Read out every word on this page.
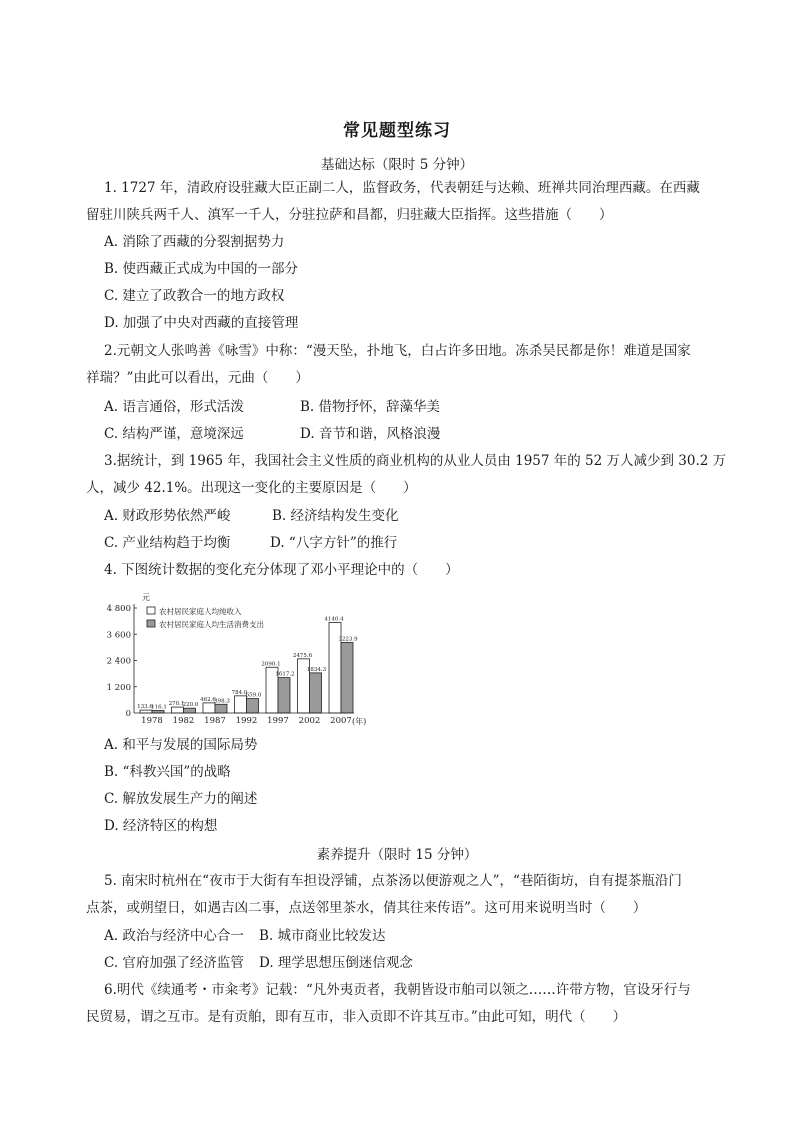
常见题型练习
基础达标（限时 5 分钟）
1. 1727 年，清政府设驻藏大臣正副二人，监督政务，代表朝廷与达赖、班禅共同治理西藏。在西藏
留驻川陕兵两千人、滇军一千人，分驻拉萨和昌都，归驻藏大臣指挥。这些措施（　　）
A. 消除了西藏的分裂割据势力
B. 使西藏正式成为中国的一部分
C. 建立了政教合一的地方政权
D. 加强了中央对西藏的直接管理
2.元朝文人张鸣善《咏雪》中称：“漫天坠，扑地飞，白占许多田地。冻杀吴民都是你！难道是国家
祥瑞？”由此可以看出，元曲（　　）
A. 语言通俗，形式活泼	B. 借物抒怀，辞藻华美
C. 结构严谨，意境深远	D. 音节和谐，风格浪漫
3.据统计，到 1965 年，我国社会主义性质的商业机构的从业人员由 1957 年的 52 万人减少到 30.2 万
人，减少 42.1%。出现这一变化的主要原因是（　　）
A. 财政形势依然严峻	B. 经济结构发生变化
C. 产业结构趋于均衡	D. “八字方针”的推行
4. 下图统计数据的变化充分体现了邓小平理论中的（　　）
元
0
1 200
2 400
3 600
4 800
133.6
116.1
270.1
220.0
462.6
398.3
784.0
659.0
2090.1
1617.2
2475.6
1834.3
4140.4
3223.9
1978 1982 1987 1992 1997 2002 2007 (年)
农村居民家庭人均纯收入
农村居民家庭人均生活消费支出
A. 和平与发展的国际局势
B. “科教兴国”的战略
C. 解放发展生产力的阐述
D. 经济特区的构想
素养提升（限时 15 分钟）
5. 南宋时杭州在“夜市于大街有车担设浮铺，点茶汤以便游观之人”，“巷陌街坊，自有提茶瓶沿门
点茶，或朔望日，如遇吉凶二事，点送邻里茶水，倩其往来传语”。这可用来说明当时（　　）
A. 政治与经济中心合一 B. 城市商业比较发达
C. 官府加强了经济监管 D. 理学思想压倒迷信观念
6.明代《续通考・市籴考》记载：“凡外夷贡者，我朝皆设市舶司以领之……许带方物，官设牙行与
民贸易，谓之互市。是有贡舶，即有互市，非入贡即不许其互市。”由此可知，明代（　　）
